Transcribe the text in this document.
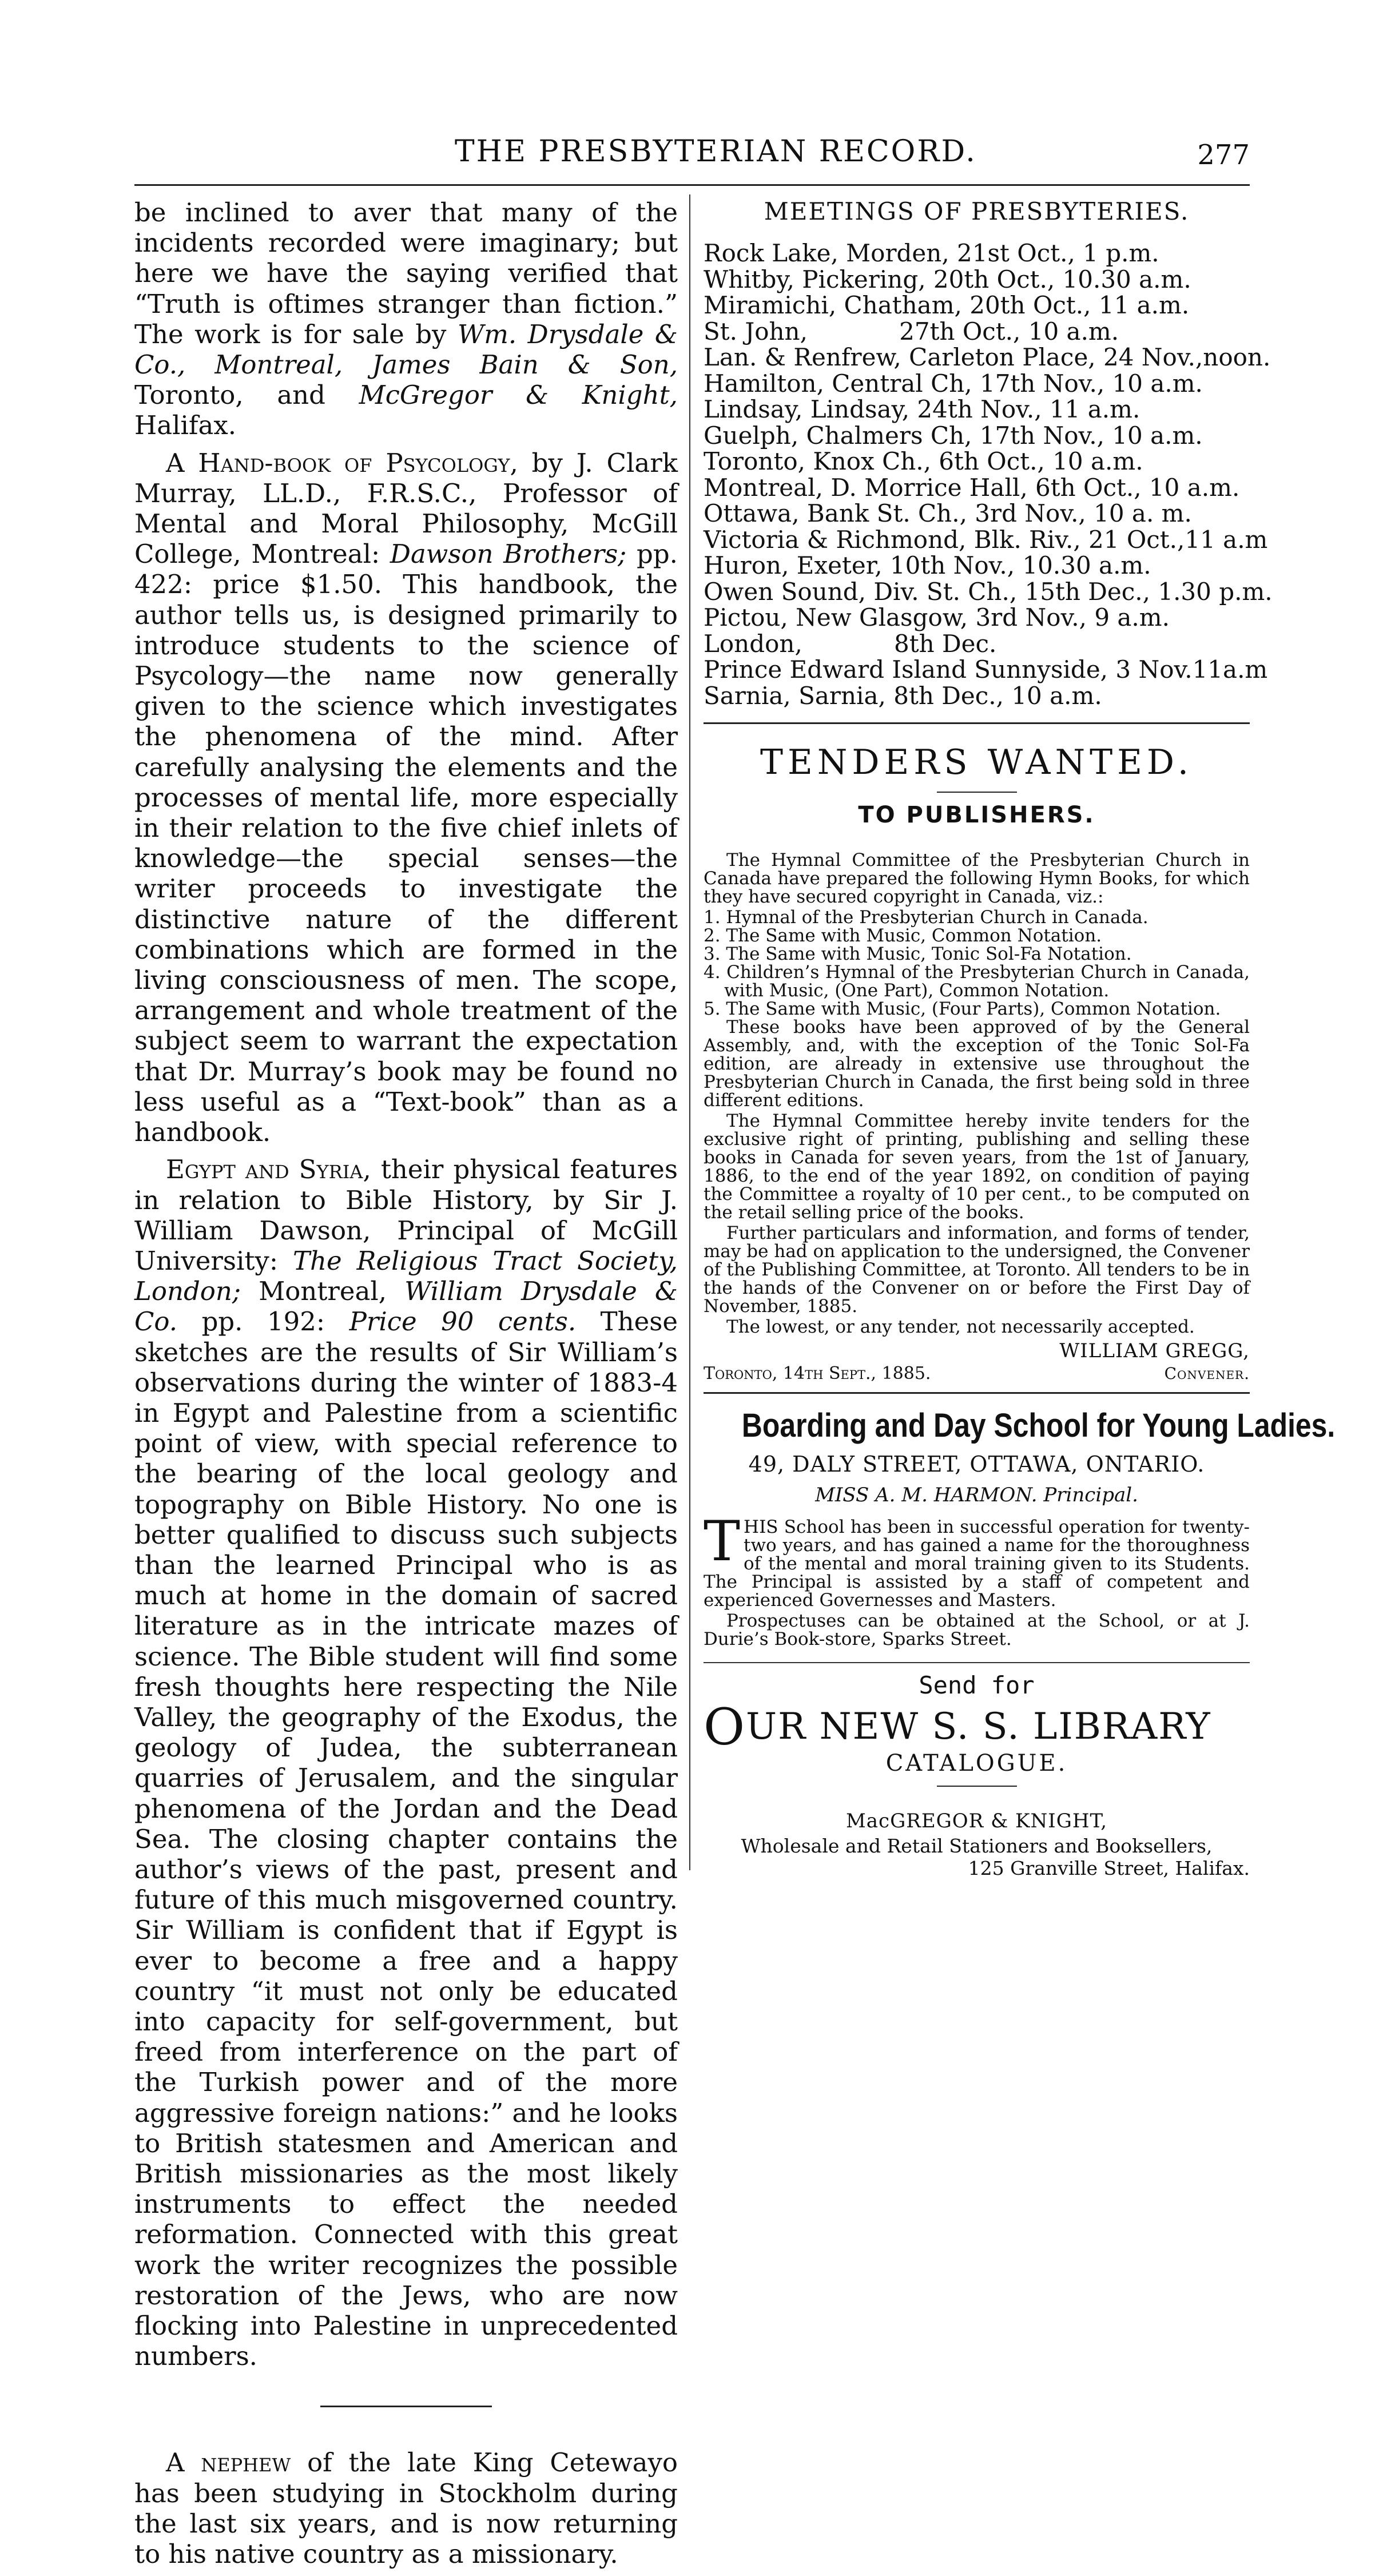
THE PRESBYTERIAN RECORD.	277

be inclined to aver that many of the incidents recorded were imaginary; but here we have the saying verified that “Truth is oftimes stranger than fiction.” The work is for sale by Wm. Drysdale & Co., Montreal, James Bain & Son, Toronto, and McGregor & Knight, Halifax.

A Hand-book of Psycology, by J. Clark Murray, LL.D., F.R.S.C., Professor of Mental and Moral Philosophy, McGill College, Montreal: Dawson Brothers; pp. 422: price $1.50. This handbook, the author tells us, is designed primarily to introduce students to the science of Psycology—the name now generally given to the science which investigates the phenomena of the mind. After carefully analysing the elements and the processes of mental life, more especially in their relation to the five chief inlets of knowledge—the special senses—the writer proceeds to investigate the distinctive nature of the different combinations which are formed in the living consciousness of men. The scope, arrangement and whole treatment of the subject seem to warrant the expectation that Dr. Murray’s book may be found no less useful as a “Text-book” than as a handbook.

Egypt and Syria, their physical features in relation to Bible History, by Sir J. William Dawson, Principal of McGill University: The Religious Tract Society, London; Montreal, William Drysdale & Co. pp. 192: Price 90 cents. These sketches are the results of Sir William’s observations during the winter of 1883-4 in Egypt and Palestine from a scientific point of view, with special reference to the bearing of the local geology and topography on Bible History. No one is better qualified to discuss such subjects than the learned Principal who is as much at home in the domain of sacred literature as in the intricate mazes of science. The Bible student will find some fresh thoughts here respecting the Nile Valley, the geography of the Exodus, the geology of Judea, the subterranean quarries of Jerusalem, and the singular phenomena of the Jordan and the Dead Sea. The closing chapter contains the author’s views of the past, present and future of this much misgoverned country. Sir William is confident that if Egypt is ever to become a free and a happy country “it must not only be educated into capacity for self-government, but freed from interference on the part of the Turkish power and of the more aggressive foreign nations:” and he looks to British statesmen and American and British missionaries as the most likely instruments to effect the needed reformation. Connected with this great work the writer recognizes the possible restoration of the Jews, who are now flocking into Palestine in unprecedented numbers.

A nephew of the late King Cetewayo has been studying in Stockholm during the last six years, and is now returning to his native country as a missionary.

MEETINGS OF PRESBYTERIES.

Rock Lake, Morden, 21st Oct., 1 p.m.
Whitby, Pickering, 20th Oct., 10.30 a.m.
Miramichi, Chatham, 20th Oct., 11 a.m.
St. John,            27th Oct., 10 a.m.
Lan. & Renfrew, Carleton Place, 24 Nov.,noon.
Hamilton, Central Ch, 17th Nov., 10 a.m.
Lindsay, Lindsay, 24th Nov., 11 a.m.
Guelph, Chalmers Ch, 17th Nov., 10 a.m.
Toronto, Knox Ch., 6th Oct., 10 a.m.
Montreal, D. Morrice Hall, 6th Oct., 10 a.m.
Ottawa, Bank St. Ch., 3rd Nov., 10 a. m.
Victoria & Richmond, Blk. Riv., 21 Oct.,11 a.m
Huron, Exeter, 10th Nov., 10.30 a.m.
Owen Sound, Div. St. Ch., 15th Dec., 1.30 p.m.
Pictou, New Glasgow, 3rd Nov., 9 a.m.
London,            8th Dec.
Prince Edward Island Sunnyside, 3 Nov.11a.m
Sarnia, Sarnia, 8th Dec., 10 a.m.

TENDERS WANTED.

TO PUBLISHERS.

The Hymnal Committee of the Presbyterian Church in Canada have prepared the following Hymn Books, for which they have secured copyright in Canada, viz.:

1. Hymnal of the Presbyterian Church in Canada.
2. The Same with Music, Common Notation.
3. The Same with Music, Tonic Sol-Fa Notation.
4. Children’s Hymnal of the Presbyterian Church in Canada, with Music, (One Part), Common Notation.
5. The Same with Music, (Four Parts), Common Notation.

These books have been approved of by the General Assembly, and, with the exception of the Tonic Sol-Fa edition, are already in extensive use throughout the Presbyterian Church in Canada, the first being sold in three different editions.

The Hymnal Committee hereby invite tenders for the exclusive right of printing, publishing and selling these books in Canada for seven years, from the 1st of January, 1886, to the end of the year 1892, on condition of paying the Committee a royalty of 10 per cent., to be computed on the retail selling price of the books.

Further particulars and information, and forms of tender, may be had on application to the undersigned, the Convener of the Publishing Committee, at Toronto. All tenders to be in the hands of the Convener on or before the First Day of November, 1885.

The lowest, or any tender, not necessarily accepted.

WILLIAM GREGG,
Toronto, 14th Sept., 1885.	Convener.

Boarding and Day School for Young Ladies.

49, DALY STREET, OTTAWA, ONTARIO.

MISS A. M. HARMON. Principal.

THIS School has been in successful operation for twenty-two years, and has gained a name for the thoroughness of the mental and moral training given to its Students. The Principal is assisted by a staff of competent and experienced Governesses and Masters.

Prospectuses can be obtained at the School, or at J. Durie’s Book-store, Sparks Street.

Send for

OUR NEW S. S. LIBRARY

CATALOGUE.

MacGREGOR & KNIGHT,

Wholesale and Retail Stationers and Booksellers,

125 Granville Street, Halifax.
